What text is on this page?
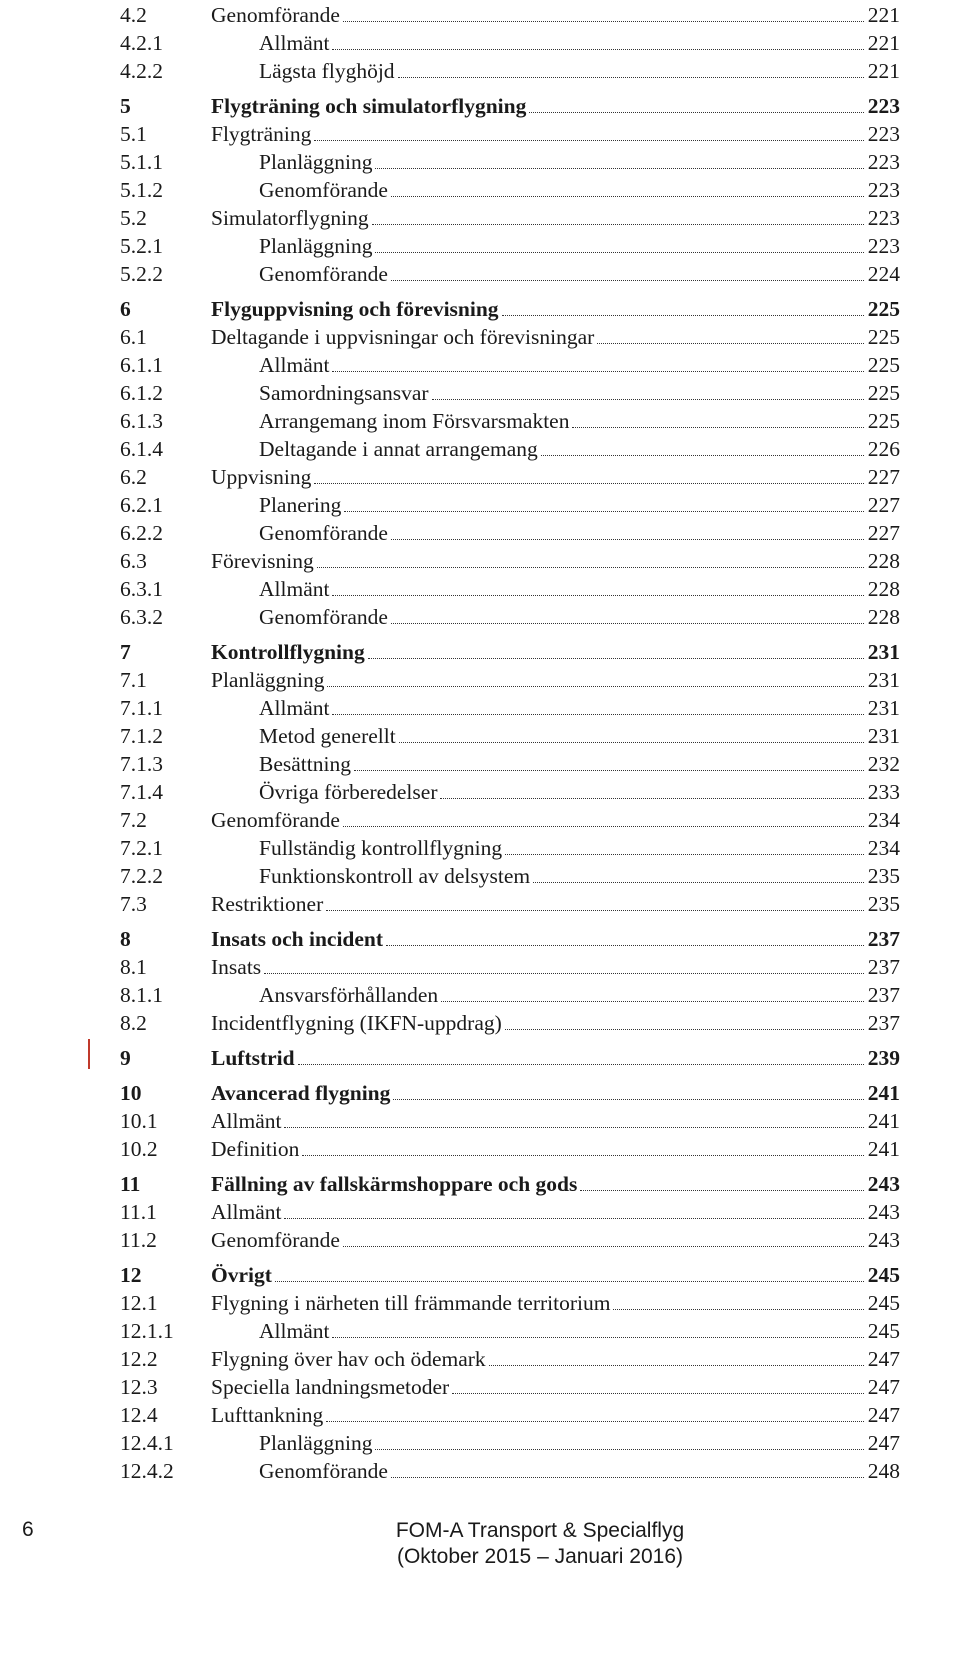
4.2	Genomförande	221
4.2.1	Allmänt	221
4.2.2	Lägsta flyghöjd	221
5	Flygträning och simulatorflygning	223
5.1	Flygträning	223
5.1.1	Planläggning	223
5.1.2	Genomförande	223
5.2	Simulatorflygning	223
5.2.1	Planläggning	223
5.2.2	Genomförande	224
6	Flyguppvisning och förevisning	225
6.1	Deltagande i uppvisningar och förevisningar	225
6.1.1	Allmänt	225
6.1.2	Samordningsansvar	225
6.1.3	Arrangemang inom Försvarsmakten	225
6.1.4	Deltagande i annat arrangemang	226
6.2	Uppvisning	227
6.2.1	Planering	227
6.2.2	Genomförande	227
6.3	Förevisning	228
6.3.1	Allmänt	228
6.3.2	Genomförande	228
7	Kontrollflygning	231
7.1	Planläggning	231
7.1.1	Allmänt	231
7.1.2	Metod generellt	231
7.1.3	Besättning	232
7.1.4	Övriga förberedelser	233
7.2	Genomförande	234
7.2.1	Fullständig kontrollflygning	234
7.2.2	Funktionskontroll av delsystem	235
7.3	Restriktioner	235
8	Insats och incident	237
8.1	Insats	237
8.1.1	Ansvarsförhållanden	237
8.2	Incidentflygning (IKFN-uppdrag)	237
9	Luftstrid	239
10	Avancerad flygning	241
10.1 Allmänt	241
10.2 Definition	241
11	Fällning av fallskärmshoppare och gods	243
11.1	Allmänt	243
11.2	Genomförande	243
12	Övrigt	245
12.1 Flygning i närheten till främmande territorium	245
12.1.1	Allmänt	245
12.2 Flygning över hav och ödemark	247
12.3 Speciella landningsmetoder	247
12.4 Lufttankning	247
12.4.1	Planläggning	247
12.4.2	Genomförande	248
6	FOM-A Transport & Specialflyg
(Oktober 2015 – Januari 2016)
